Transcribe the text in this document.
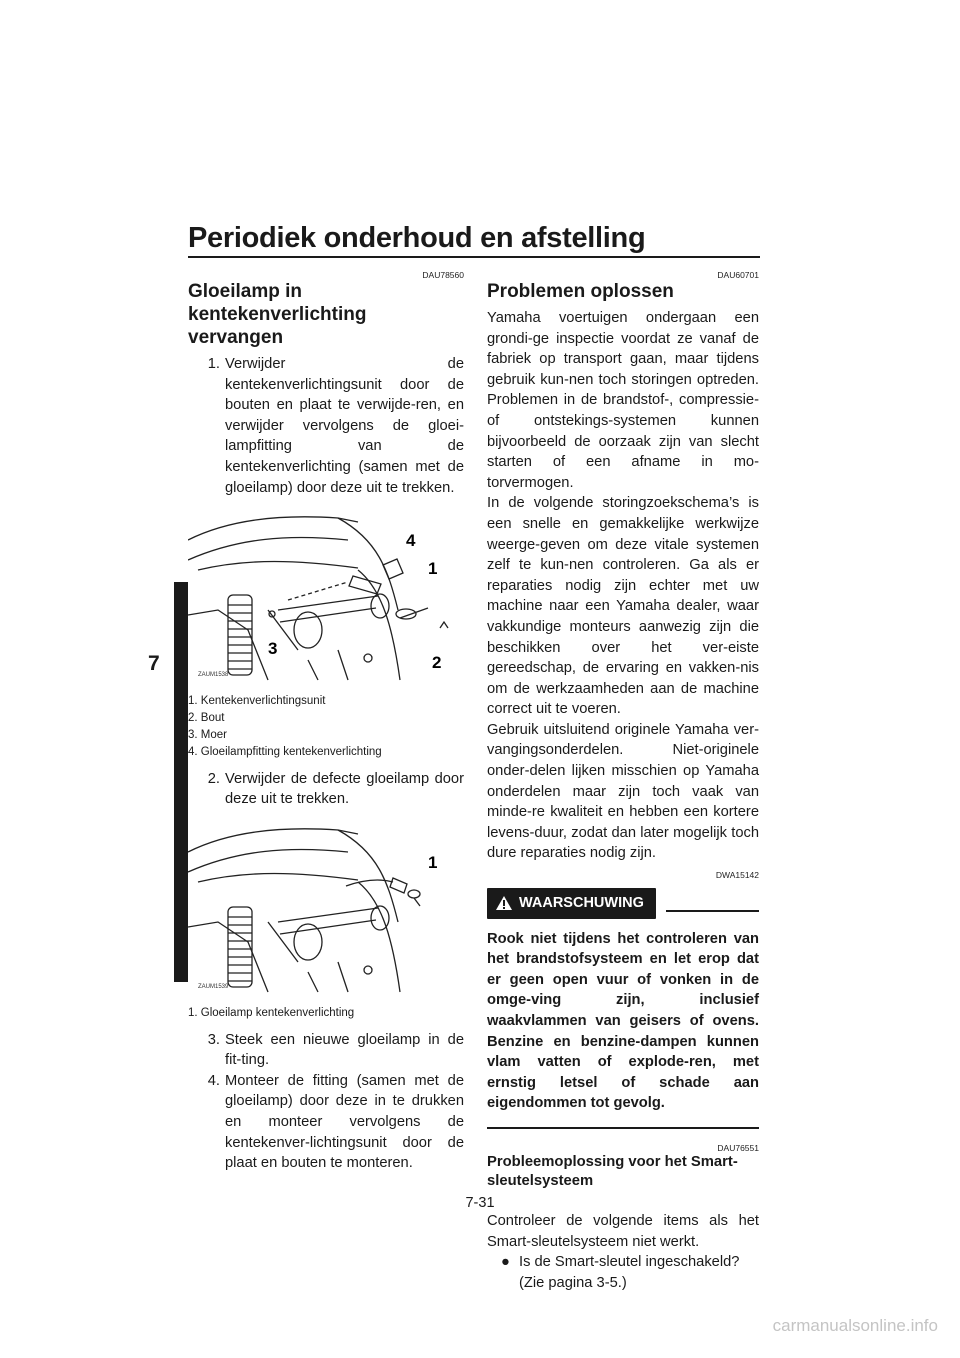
Periodiek onderhoud en afstelling
7
DAU78560
Gloeilamp in kentekenverlichting vervangen
1. Verwijder de kentekenverlichtingsunit door de bouten en plaat te verwijde-ren, en verwijder vervolgens de gloei-lampfitting van de kentekenverlichting (samen met de gloeilamp) door deze uit te trekken.
4
1
3
2
ZAUM1538
1. Kentekenverlichtingsunit
2. Bout
3. Moer
4. Gloeilampfitting kentekenverlichting
2. Verwijder de defecte gloeilamp door deze uit te trekken.
1
ZAUM1539
1. Gloeilamp kentekenverlichting
3. Steek een nieuwe gloeilamp in de fit-ting.
4. Monteer de fitting (samen met de gloeilamp) door deze in te drukken en monteer vervolgens de kentekenver-lichtingsunit door de plaat en bouten te monteren.
DAU60701
Problemen oplossen

Yamaha voertuigen ondergaan een grondi-ge inspectie voordat ze vanaf de fabriek op transport gaan, maar tijdens gebruik kun-nen toch storingen optreden. Problemen in de brandstof-, compressie- of ontstekings-systemen kunnen bijvoorbeeld de oorzaak zijn van slecht starten of een afname in mo-torvermogen.

In de volgende storingzoekschema’s is een snelle en gemakkelijke werkwijze weerge-geven om deze vitale systemen zelf te kun-nen controleren. Ga als er reparaties nodig zijn echter met uw machine naar een Yamaha dealer, waar vakkundige monteurs aanwezig zijn die beschikken over het ver-eiste gereedschap, de ervaring en vakken-nis om de werkzaamheden aan de machine correct uit te voeren.

Gebruik uitsluitend originele Yamaha ver-vangingsonderdelen. Niet-originele onder-delen lijken misschien op Yamaha onderdelen maar zijn toch vaak van minde-re kwaliteit en hebben een kortere levens-duur, zodat dan later mogelijk toch dure reparaties nodig zijn.

DWA15142
WAARSCHUWING

Rook niet tijdens het controleren van het brandstofsysteem en let erop dat er geen open vuur of vonken in de omge-ving zijn, inclusief waakvlammen van geisers of ovens. Benzine en benzine-dampen kunnen vlam vatten of explode-ren, met ernstig letsel of schade aan eigendommen tot gevolg.

DAU76551
Probleemoplossing voor het Smart-sleutelsysteem

Controleer de volgende items als het Smart-sleutelsysteem niet werkt.

● Is de Smart-sleutel ingeschakeld? (Zie pagina 3-5.)
7-31
carmanualsonline.info
